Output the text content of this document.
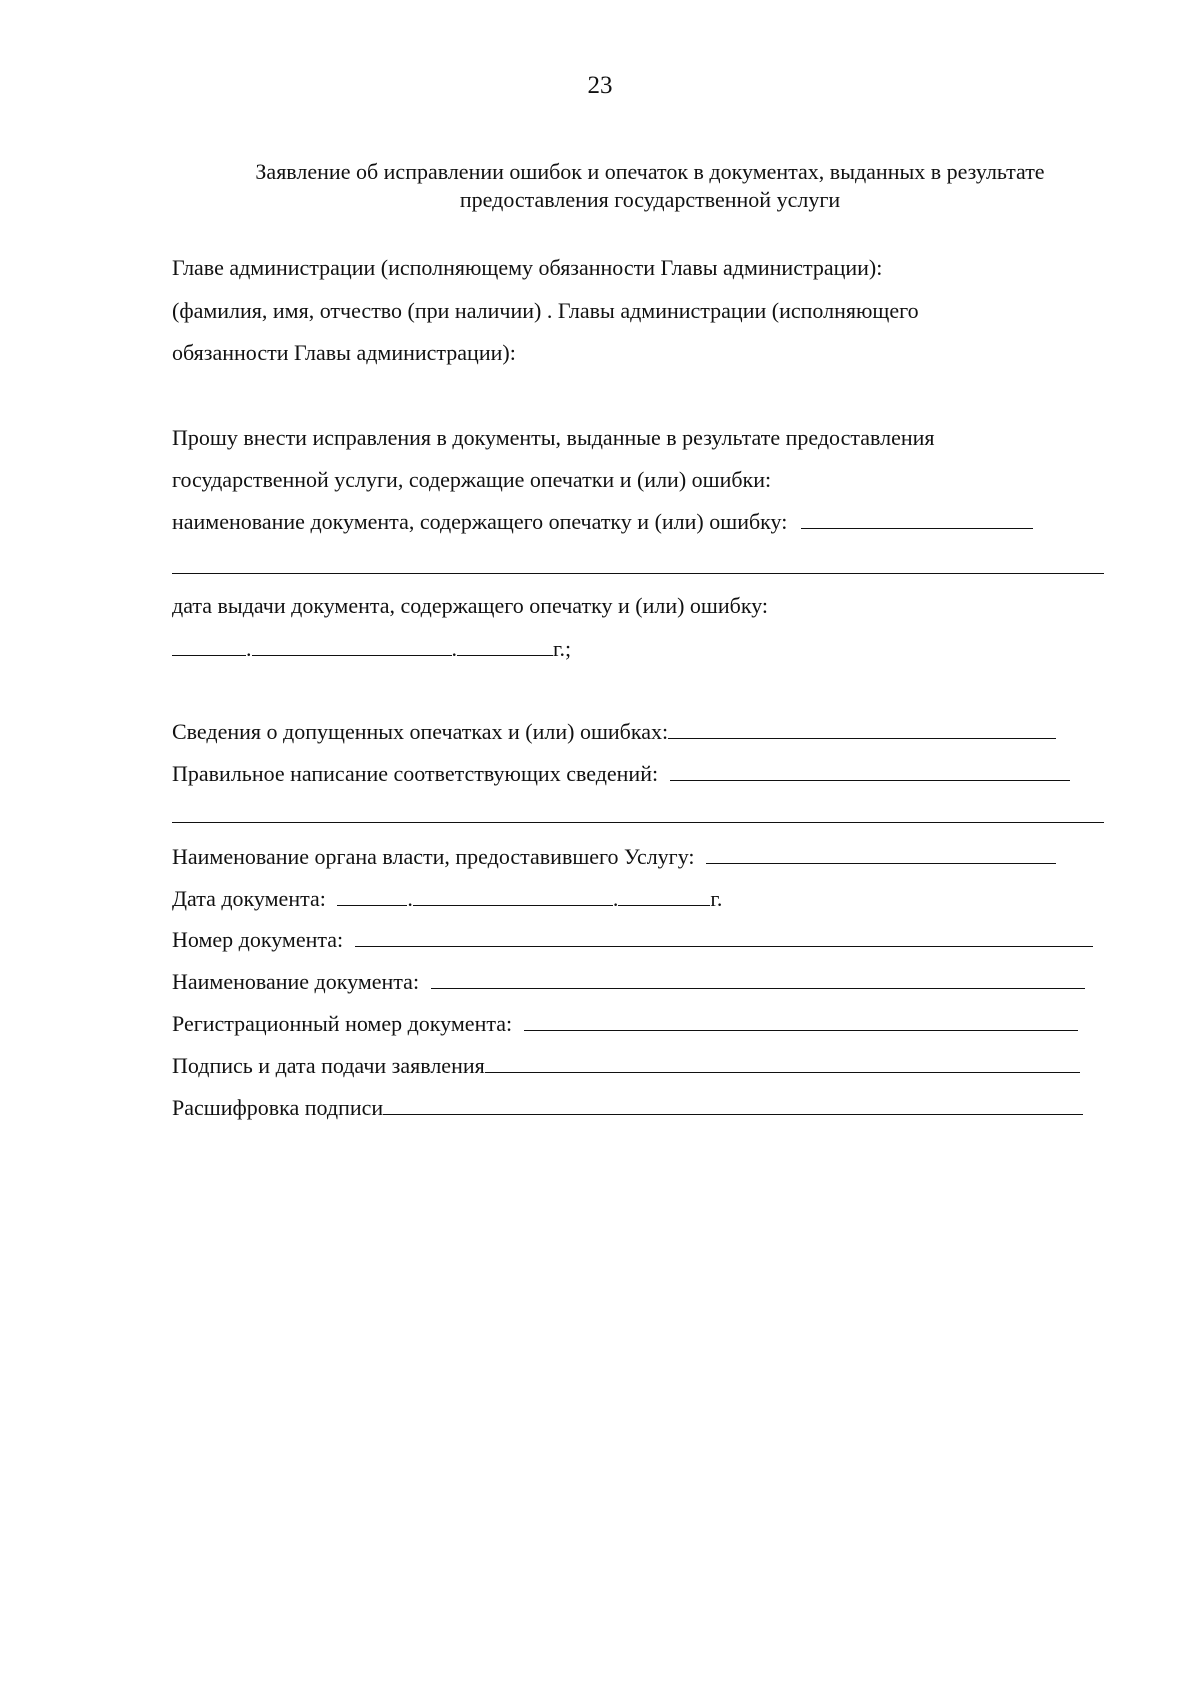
23
Заявление об исправлении ошибок и опечаток в документах, выданных в результате
предоставления государственной услуги
Главе администрации (исполняющему обязанности Главы администрации):
(фамилия, имя, отчество (при наличии) . Главы администрации (исполняющего
обязанности Главы администрации):
Прошу внести исправления в документы, выданные в результате предоставления
государственной услуги, содержащие опечатки и (или) ошибки:
наименование документа, содержащего опечатку и (или) ошибку:
дата выдачи документа, содержащего опечатку и (или) ошибку:
.	.	г.;
Сведения о допущенных опечатках и (или) ошибках:
Правильное написание соответствующих сведений:
Наименование органа власти, предоставившего Услугу:
Дата документа:	.	.	г.
Номер документа:
Наименование документа:
Регистрационный номер документа:
Подпись и дата подачи заявления
Расшифровка подписи
